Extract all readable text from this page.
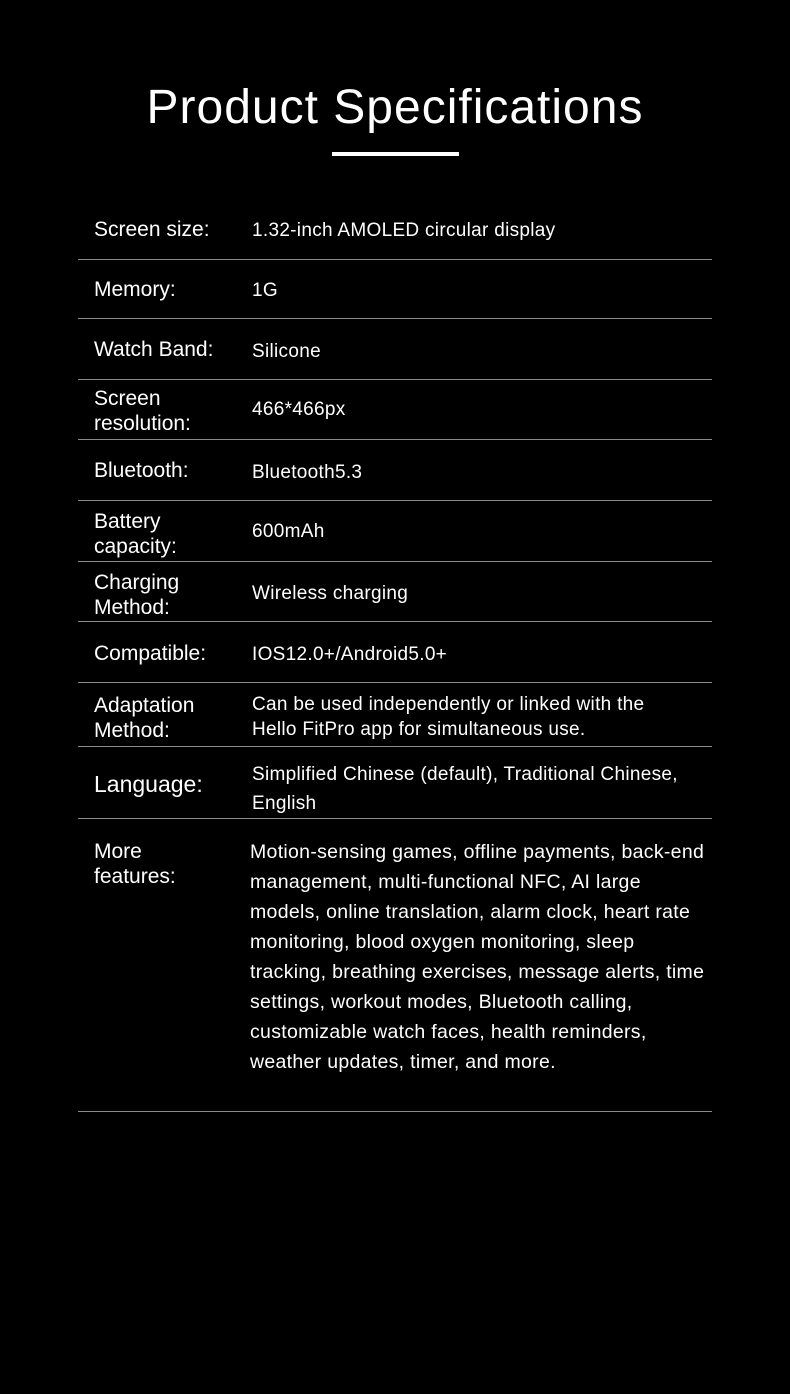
Product Specifications
Screen size:	1.32-inch AMOLED circular display
Memory:	1G
Watch Band:	Silicone
Screen resolution:
466*466px
Bluetooth:	Bluetooth5.3
Battery capacity:
600mAh
Charging Method:
Wireless charging
Compatible:	IOS12.0+/Android5.0+
Adaptation Method:
Can be used independently or linked with the Hello FitPro app for simultaneous use.
Language:	Simplified Chinese (default), Traditional Chinese, English
More features:
Motion-sensing games, offline payments, back-end management, multi-functional NFC, AI large models, online translation, alarm clock, heart rate monitoring, blood oxygen monitoring, sleep tracking, breathing exercises, message alerts, time settings, workout modes, Bluetooth calling, customizable watch faces, health reminders, weather updates, timer, and more.
